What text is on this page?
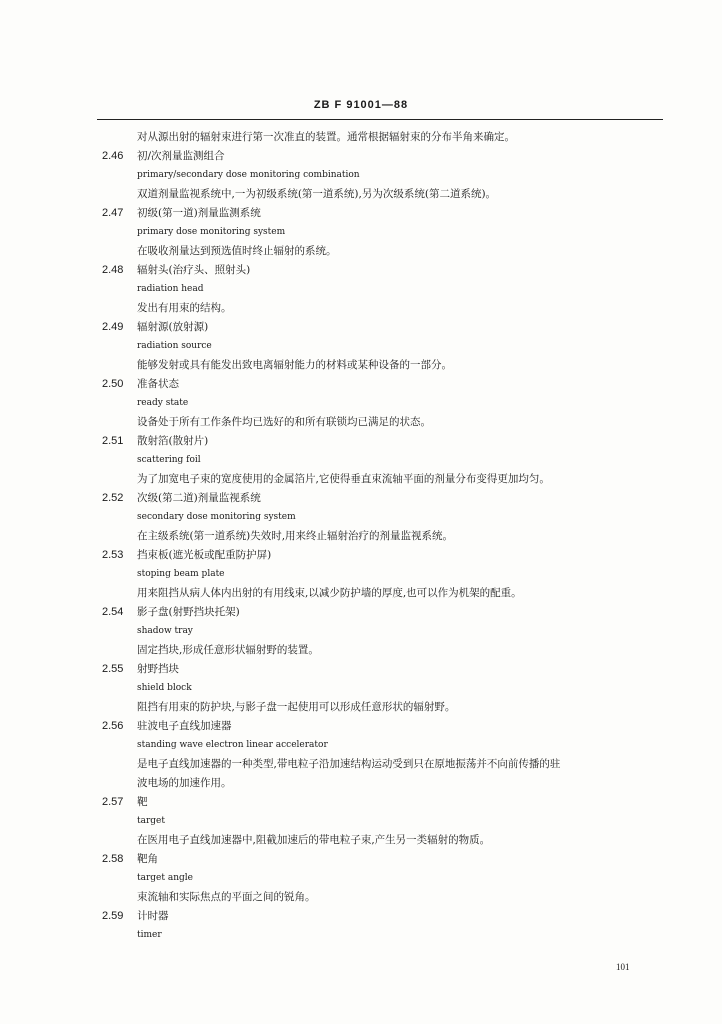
ZB F 91001—88
对从源出射的辐射束进行第一次准直的装置。通常根据辐射束的分布半角来确定。
2.46 初/次剂量监测组合
primary/secondary dose monitoring combination
双道剂量监视系统中,一为初级系统(第一道系统),另为次级系统(第二道系统)。
2.47 初级(第一道)剂量监测系统
primary dose monitoring system
在吸收剂量达到预选值时终止辐射的系统。
2.48 辐射头(治疗头、照射头)
radiation head
发出有用束的结构。
2.49 辐射源(放射源)
radiation source
能够发射或具有能发出致电离辐射能力的材料或某种设备的一部分。
2.50 准备状态
ready state
设备处于所有工作条件均已选好的和所有联锁均已满足的状态。
2.51 散射箔(散射片)
scattering foil
为了加宽电子束的宽度使用的金属箔片,它使得垂直束流轴平面的剂量分布变得更加均匀。
2.52 次级(第二道)剂量监视系统
secondary dose monitoring system
在主级系统(第一道系统)失效时,用来终止辐射治疗的剂量监视系统。
2.53 挡束板(遮光板或配重防护屏)
stoping beam plate
用来阻挡从病人体内出射的有用线束,以减少防护墙的厚度,也可以作为机架的配重。
2.54 影子盘(射野挡块托架)
shadow tray
固定挡块,形成任意形状辐射野的装置。
2.55 射野挡块
shield block
阻挡有用束的防护块,与影子盘一起使用可以形成任意形状的辐射野。
2.56 驻波电子直线加速器
standing wave electron linear accelerator
是电子直线加速器的一种类型,带电粒子沿加速结构运动受到只在原地振荡并不向前传播的驻
波电场的加速作用。
2.57 靶
target
在医用电子直线加速器中,阻截加速后的带电粒子束,产生另一类辐射的物质。
2.58 靶角
target angle
束流轴和实际焦点的平面之间的锐角。
2.59 计时器
timer
101
